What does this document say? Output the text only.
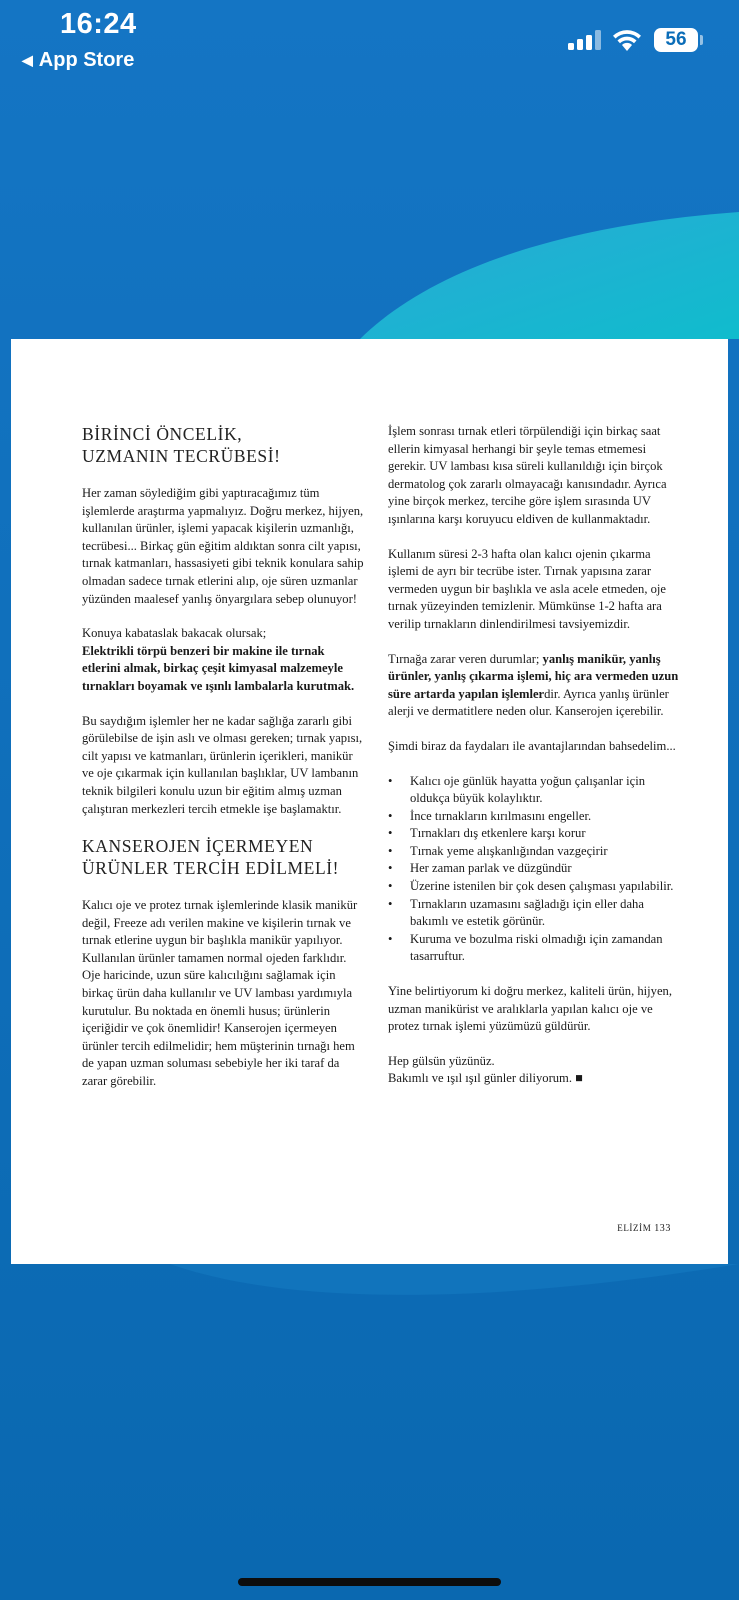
16:24
◀ App Store
56
BİRİNCİ ÖNCELİK,
UZMANIN TECRÜBESİ!

Her zaman söylediğim gibi yaptıracağımız tüm işlemlerde araştırma yapmalıyız. Doğru merkez, hijyen, kullanılan ürünler, işlemi yapacak kişilerin uzmanlığı, tecrübesi... Birkaç gün eğitim aldıktan sonra cilt yapısı, tırnak katmanları, hassasiyeti gibi teknik konulara sahip olmadan sadece tırnak etlerini alıp, oje süren uzmanlar yüzünden maalesef yanlış önyargılara sebep olunuyor!

Konuya kabataslak bakacak olursak;
Elektrikli törpü benzeri bir makine ile tırnak etlerini almak, birkaç çeşit kimyasal malzemeyle tırnakları boyamak ve ışınlı lambalarla kurutmak.

Bu saydığım işlemler her ne kadar sağlığa zararlı gibi görülebilse de işin aslı ve olması gereken; tırnak yapısı, cilt yapısı ve katmanları, ürünlerin içerikleri, manikür ve oje çıkarmak için kullanılan başlıklar, UV lambanın teknik bilgileri konulu uzun bir eğitim almış uzman çalıştıran merkezleri tercih etmekle işe başlamaktır.

KANSEROJEN İÇERMEYEN
ÜRÜNLER TERCİH EDİLMELİ!

Kalıcı oje ve protez tırnak işlemlerinde klasik manikür değil, Freeze adı verilen makine ve kişilerin tırnak ve tırnak etlerine uygun bir başlıkla manikür yapılıyor. Kullanılan ürünler tamamen normal ojeden farklıdır. Oje haricinde, uzun süre kalıcılığını sağlamak için birkaç ürün daha kullanılır ve UV lambası yardımıyla kurutulur. Bu noktada en önemli husus; ürünlerin içeriğidir ve çok önemlidir! Kanserojen içermeyen ürünler tercih edilmelidir; hem müşterinin tırnağı hem de yapan uzman soluması sebebiyle her iki taraf da zarar görebilir.

İşlem sonrası tırnak etleri törpülendiği için birkaç saat ellerin kimyasal herhangi bir şeyle temas etmemesi gerekir. UV lambası kısa süreli kullanıldığı için birçok dermatolog çok zararlı olmayacağı kanısındadır. Ayrıca yine birçok merkez, tercihe göre işlem sırasında UV ışınlarına karşı koruyucu eldiven de kullanmaktadır.

Kullanım süresi 2-3 hafta olan kalıcı ojenin çıkarma işlemi de ayrı bir tecrübe ister. Tırnak yapısına zarar vermeden uygun bir başlıkla ve asla acele etmeden, oje tırnak yüzeyinden temizlenir. Mümkünse 1-2 hafta ara verilip tırnakların dinlendirilmesi tavsiyemizdir.

Tırnağa zarar veren durumlar; yanlış manikür, yanlış ürünler, yanlış çıkarma işlemi, hiç ara vermeden uzun süre artarda yapılan işlemlerdir. Ayrıca yanlış ürünler alerji ve dermatitlere neden olur. Kanserojen içerebilir.

Şimdi biraz da faydaları ile avantajlarından bahsedelim...

• Kalıcı oje günlük hayatta yoğun çalışanlar için oldukça büyük kolaylıktır.
• İnce tırnakların kırılmasını engeller.
• Tırnakları dış etkenlere karşı korur
• Tırnak yeme alışkanlığından vazgeçirir
• Her zaman parlak ve düzgündür
• Üzerine istenilen bir çok desen çalışması yapılabilir.
• Tırnakların uzamasını sağladığı için eller daha bakımlı ve estetik görünür.
• Kuruma ve bozulma riski olmadığı için zamandan tasarruftur.

Yine belirtiyorum ki doğru merkez, kaliteli ürün, hijyen, uzman manikürist ve aralıklarla yapılan kalıcı oje ve protez tırnak işlemi yüzümüzü güldürür.

Hep gülsün yüzünüz.
Bakımlı ve ışıl ışıl günler diliyorum. ■

ELİZİM 133
